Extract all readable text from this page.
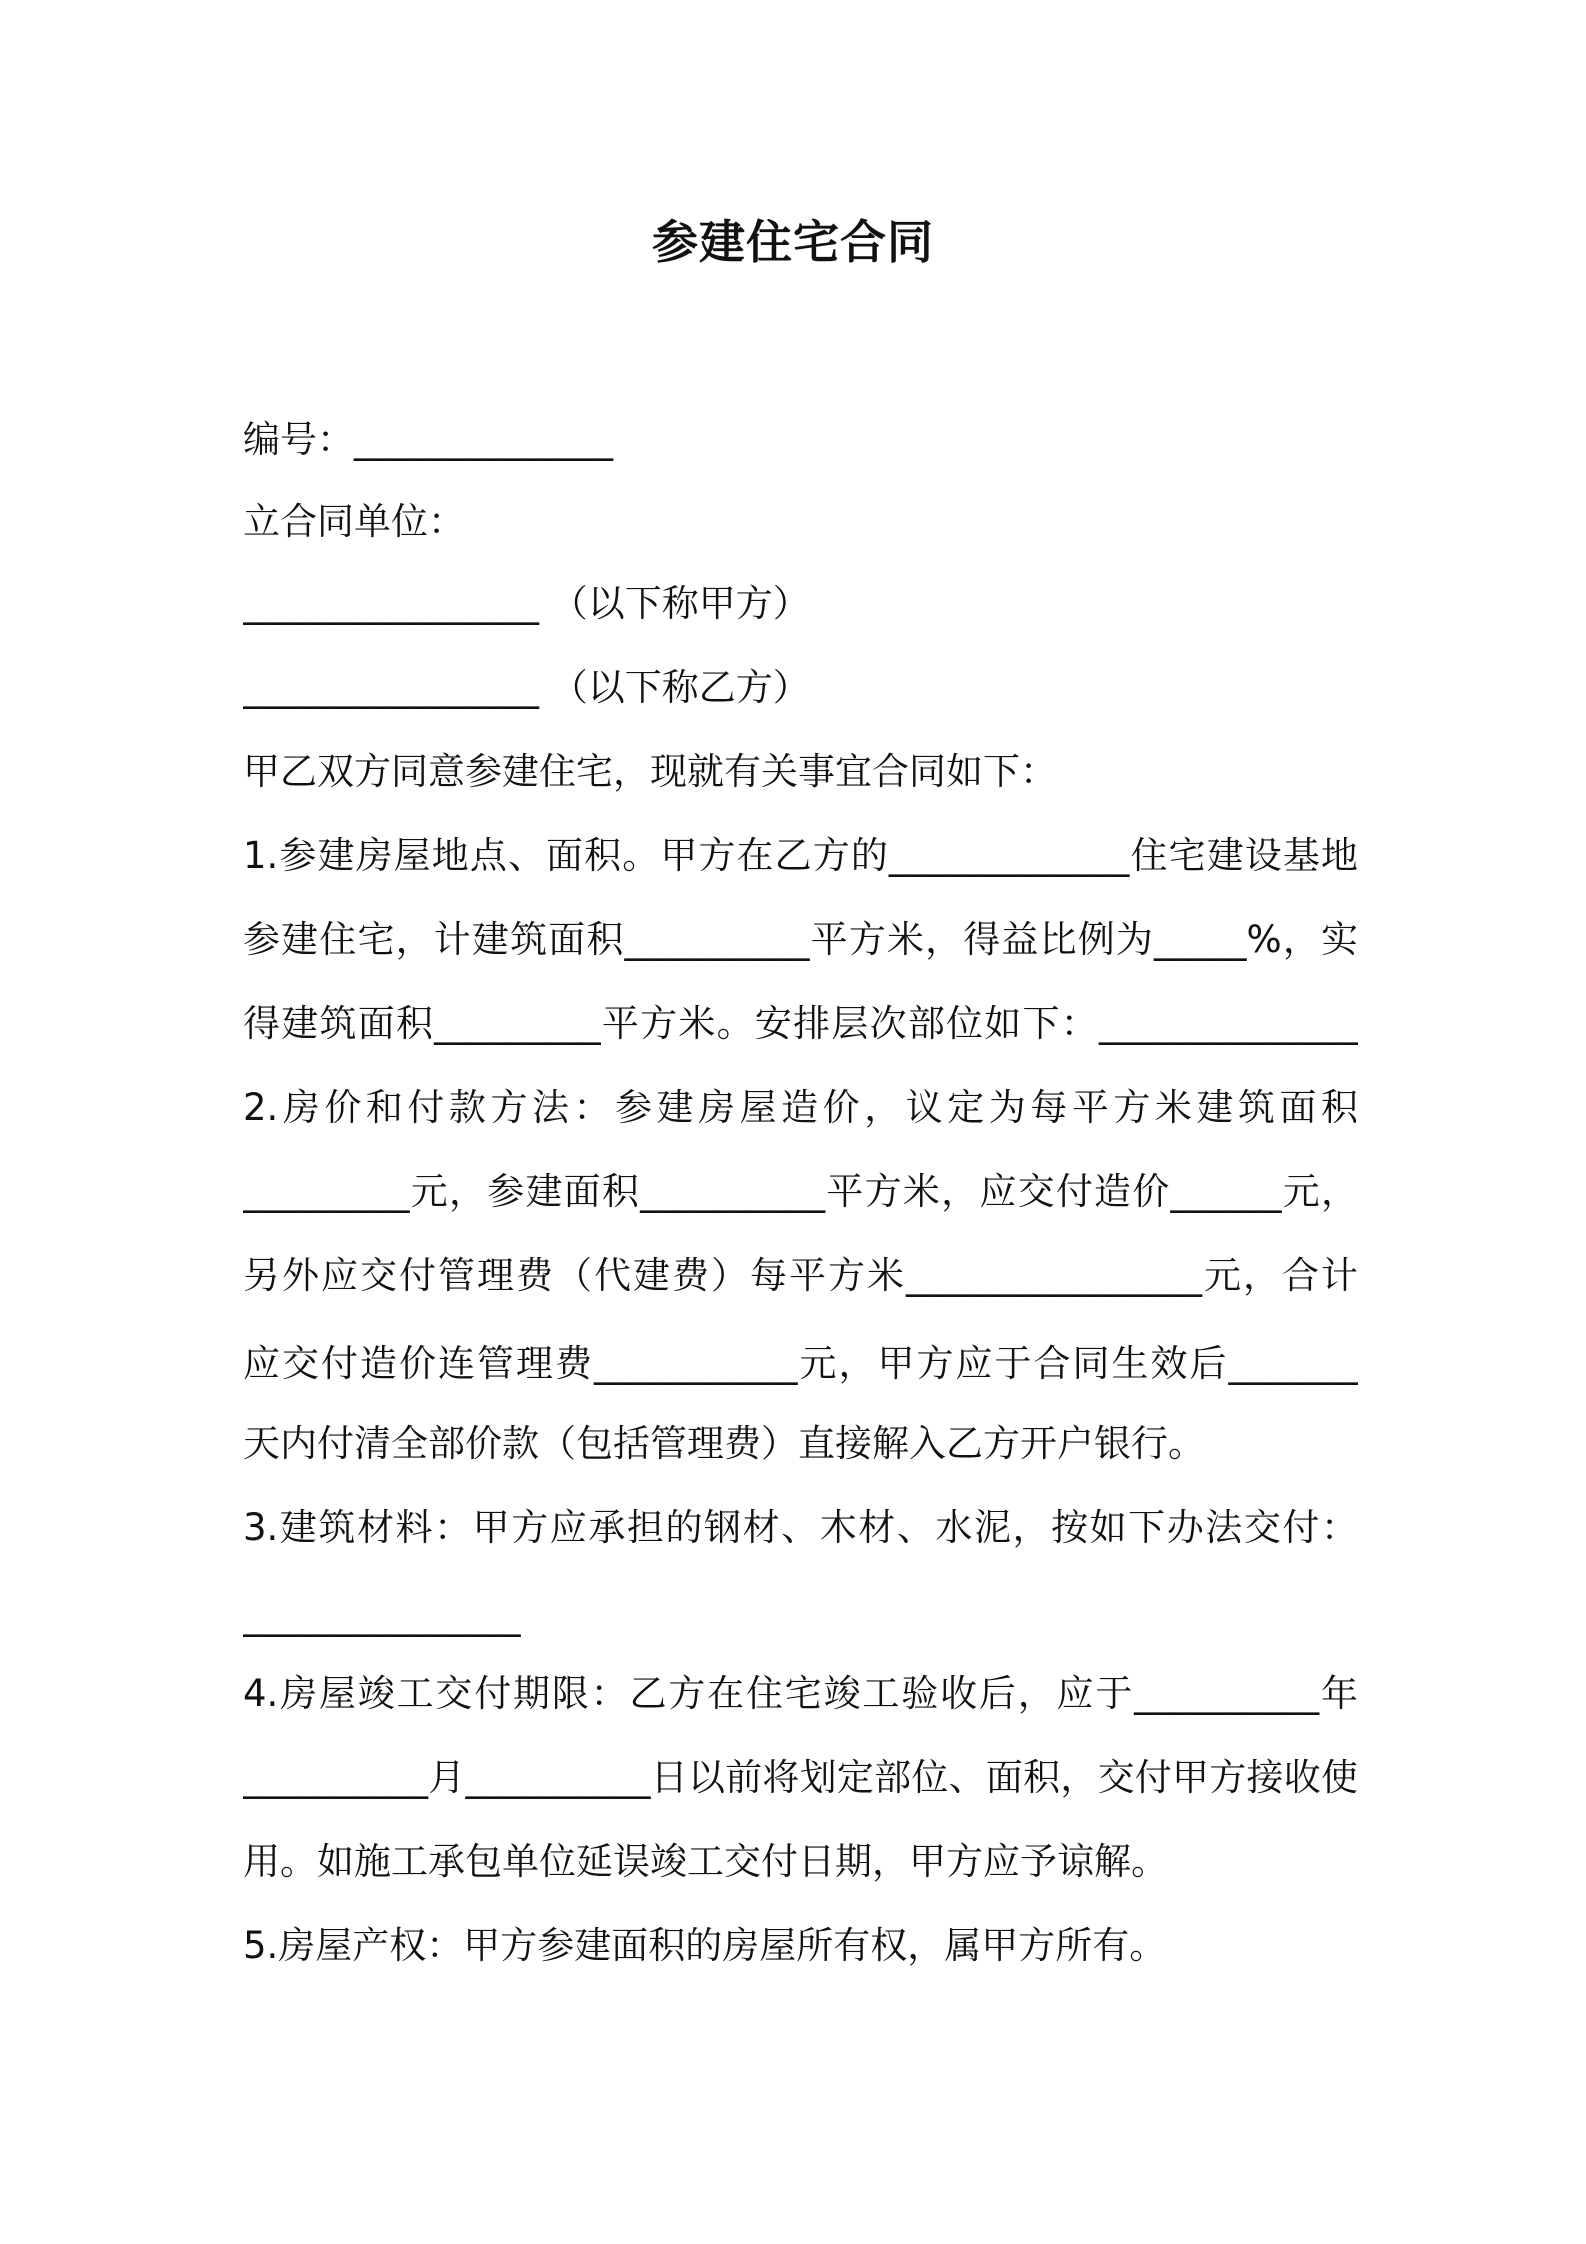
参建住宅合同
编号：______________
立合同单位：
________________ （以下称甲方）
________________ （以下称乙方）
甲乙双方同意参建住宅，现就有关事宜合同如下：
1.参建房屋地点、面积。甲方在乙方的_____________住宅建设基地
参建住宅，计建筑面积__________平方米，得益比例为_____%，实
得建筑面积_________平方米。安排层次部位如下：______________
2.房价和付款方法：参建房屋造价，议定为每平方米建筑面积
_________元，参建面积__________平方米，应交付造价______元，
另外应交付管理费（代建费）每平方米________________元，合计
应交付造价连管理费___________元，甲方应于合同生效后_______
天内付清全部价款（包括管理费）直接解入乙方开户银行。
3.建筑材料：甲方应承担的钢材、木材、水泥，按如下办法交付：
_______________
4.房屋竣工交付期限：乙方在住宅竣工验收后，应于__________年
__________月__________日以前将划定部位、面积，交付甲方接收使
用。如施工承包单位延误竣工交付日期，甲方应予谅解。
5.房屋产权：甲方参建面积的房屋所有权，属甲方所有。
